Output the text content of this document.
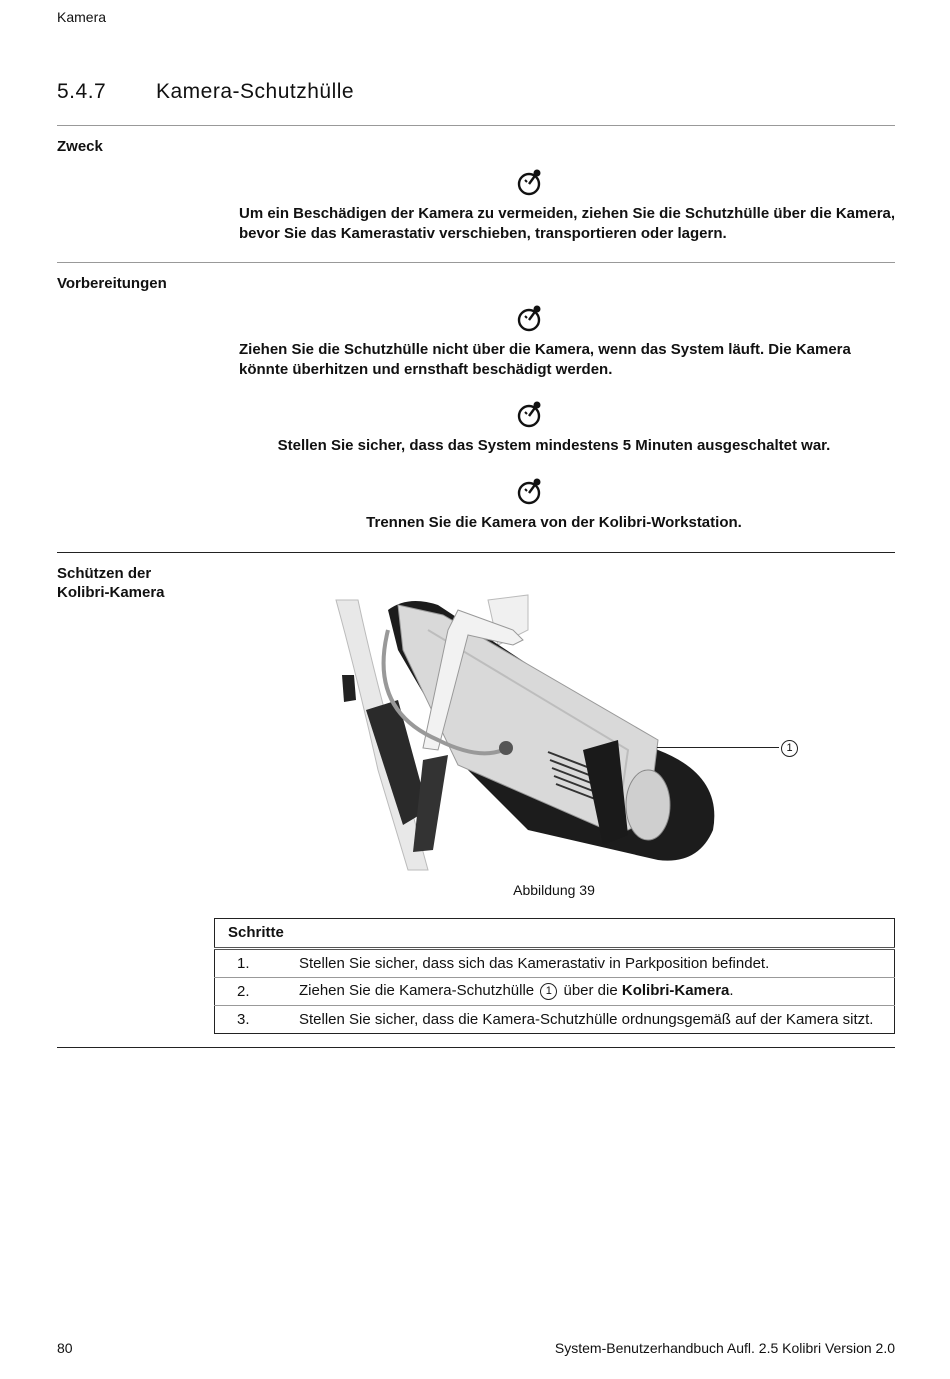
Kamera
5.4.7 Kamera-Schutzhülle
Zweck
Um ein Beschädigen der Kamera zu vermeiden, ziehen Sie die Schutzhülle über die Kamera, bevor Sie das Kamerastativ verschieben, transportieren oder lagern.
Vorbereitungen
Ziehen Sie die Schutzhülle nicht über die Kamera, wenn das System läuft. Die Kamera könnte überhitzen und ernsthaft beschädigt werden.
Stellen Sie sicher, dass das System mindestens 5 Minuten ausgeschaltet war.
Trennen Sie die Kamera von der Kolibri-Workstation.
Schützen der
Kolibri-Kamera
1
Abbildung 39
Schritte	
1.	Stellen Sie sicher, dass sich das Kamerastativ in Parkposition befindet.
2.	Ziehen Sie die Kamera-Schutzhülle 1 über die Kolibri-Kamera.
3.	Stellen Sie sicher, dass die Kamera-Schutzhülle ordnungsgemäß auf der Kamera sitzt.
80	System-Benutzerhandbuch Aufl. 2.5 Kolibri Version 2.0
